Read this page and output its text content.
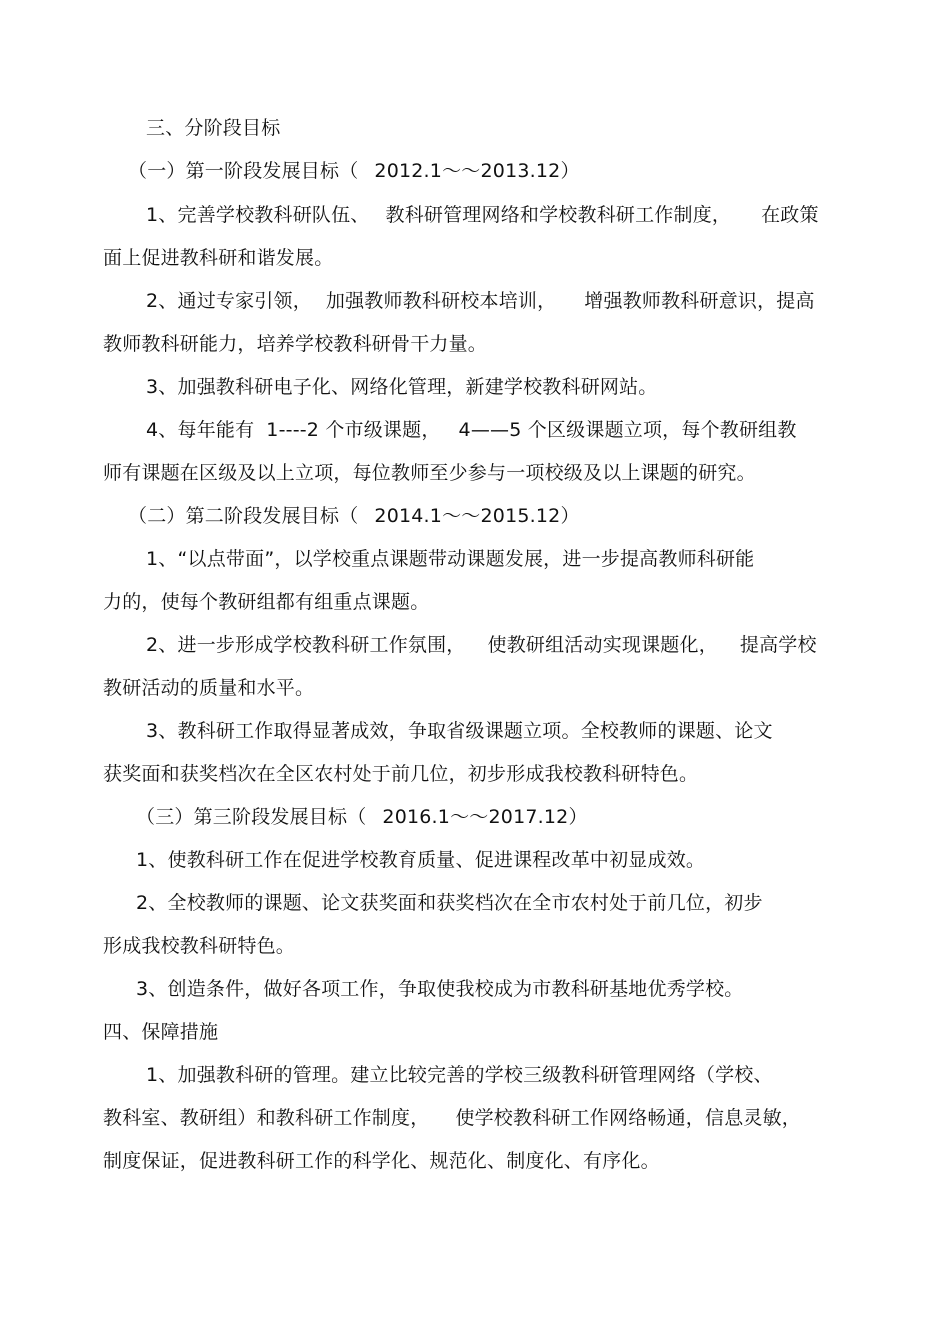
三、分阶段目标
（一）第一阶段发展目标（ 2012.1～～2013.12）
1、完善学校教科研队伍、 教科研管理网络和学校教科研工作制度， 在政策
面上促进教科研和谐发展。
2、通过专家引领， 加强教师教科研校本培训， 增强教师教科研意识，提高
教师教科研能力，培养学校教科研骨干力量。
3、加强教科研电子化、网络化管理，新建学校教科研网站。
4、每年能有 1----2 个市级课题， 4——5 个区级课题立项，每个教研组教
师有课题在区级及以上立项，每位教师至少参与一项校级及以上课题的研究。
（二）第二阶段发展目标（ 2014.1～～2015.12）
1、“以点带面”，以学校重点课题带动课题发展，进一步提高教师科研能
力的，使每个教研组都有组重点课题。
2、进一步形成学校教科研工作氛围， 使教研组活动实现课题化， 提高学校
教研活动的质量和水平。
3、教科研工作取得显著成效，争取省级课题立项。全校教师的课题、论文
获奖面和获奖档次在全区农村处于前几位，初步形成我校教科研特色。
（三）第三阶段发展目标（ 2016.1～～2017.12）
1、使教科研工作在促进学校教育质量、促进课程改革中初显成效。
2、全校教师的课题、论文获奖面和获奖档次在全市农村处于前几位，初步
形成我校教科研特色。
3、创造条件，做好各项工作，争取使我校成为市教科研基地优秀学校。
四、保障措施
1、加强教科研的管理。建立比较完善的学校三级教科研管理网络（学校、
教科室、教研组）和教科研工作制度， 使学校教科研工作网络畅通，信息灵敏，
制度保证，促进教科研工作的科学化、规范化、制度化、有序化。
